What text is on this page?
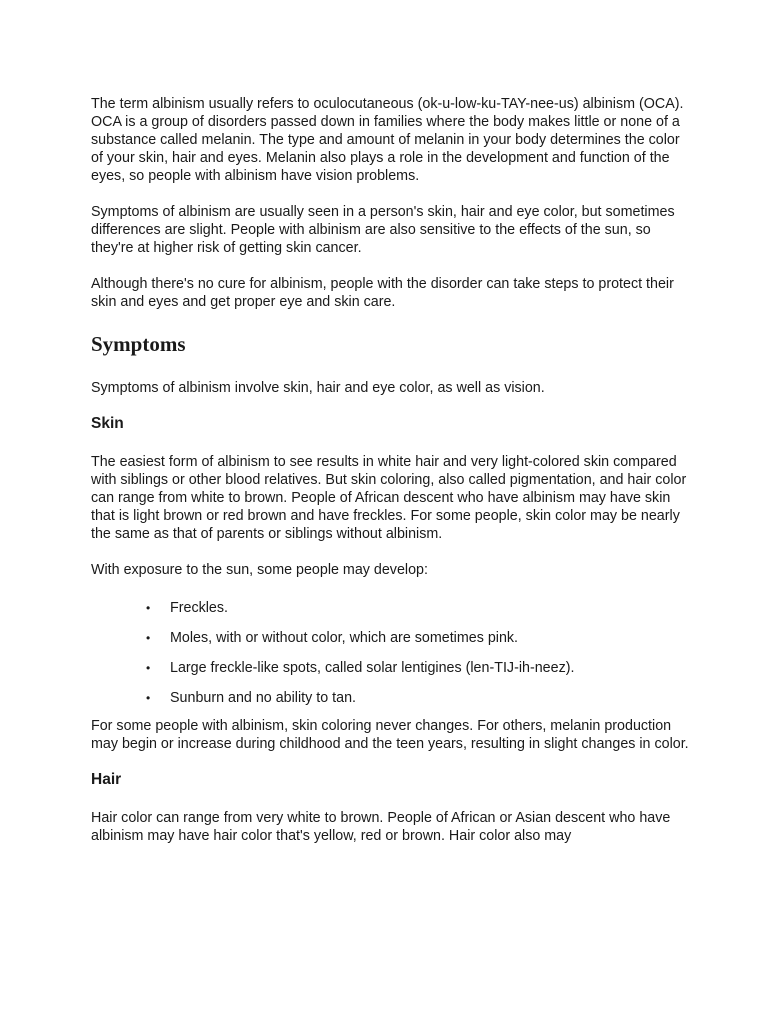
The term albinism usually refers to oculocutaneous (ok-u-low-ku-TAY-nee-us) albinism (OCA). OCA is a group of disorders passed down in families where the body makes little or none of a substance called melanin. The type and amount of melanin in your body determines the color of your skin, hair and eyes. Melanin also plays a role in the development and function of the eyes, so people with albinism have vision problems.

Symptoms of albinism are usually seen in a person's skin, hair and eye color, but sometimes differences are slight. People with albinism are also sensitive to the effects of the sun, so they're at higher risk of getting skin cancer.

Although there's no cure for albinism, people with the disorder can take steps to protect their skin and eyes and get proper eye and skin care.

Symptoms

Symptoms of albinism involve skin, hair and eye color, as well as vision.

Skin

The easiest form of albinism to see results in white hair and very light-colored skin compared with siblings or other blood relatives. But skin coloring, also called pigmentation, and hair color can range from white to brown. People of African descent who have albinism may have skin that is light brown or red brown and have freckles. For some people, skin color may be nearly the same as that of parents or siblings without albinism.

With exposure to the sun, some people may develop:

• Freckles.
• Moles, with or without color, which are sometimes pink.
• Large freckle-like spots, called solar lentigines (len-TIJ-ih-neez).
• Sunburn and no ability to tan.

For some people with albinism, skin coloring never changes. For others, melanin production may begin or increase during childhood and the teen years, resulting in slight changes in color.

Hair

Hair color can range from very white to brown. People of African or Asian descent who have albinism may have hair color that's yellow, red or brown. Hair color also may
